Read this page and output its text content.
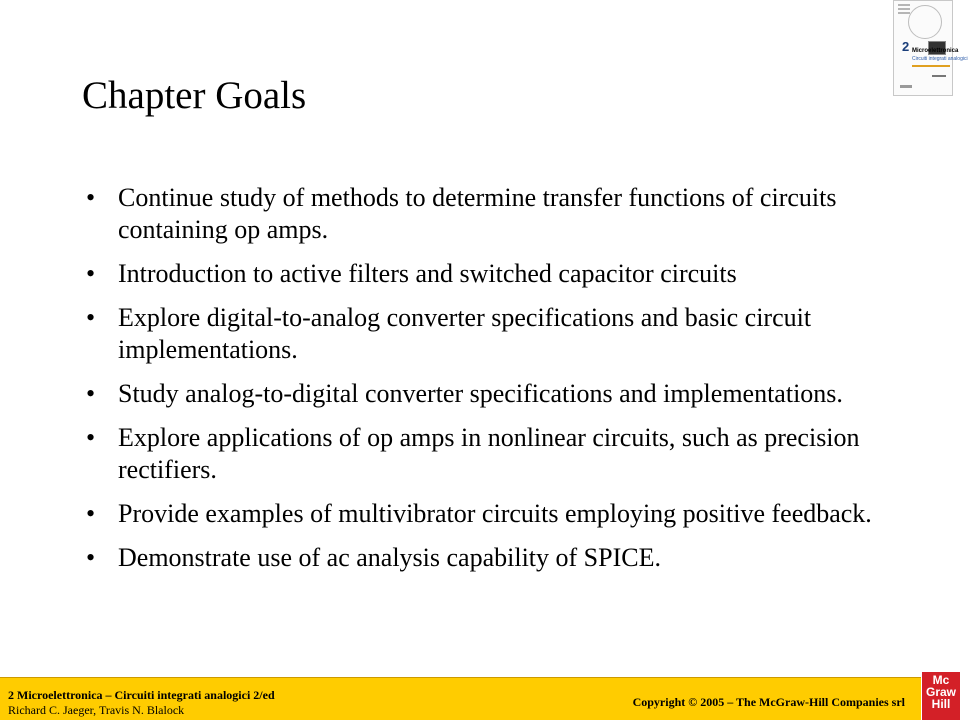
2 Microelettronica
Circuiti integrati analogici
Chapter Goals
• Continue study of methods to determine transfer functions of circuits containing op amps.
• Introduction to active filters and switched capacitor circuits
• Explore digital-to-analog converter specifications and basic circuit implementations.
• Study analog-to-digital converter specifications and implementations.
• Explore applications of op amps in nonlinear circuits, such as precision rectifiers.
• Provide examples of multivibrator circuits employing positive feedback.
• Demonstrate use of ac analysis capability of SPICE.
2 Microelettronica – Circuiti integrati analogici 2/ed
Richard C. Jaeger, Travis N. Blalock
Copyright © 2005 – The McGraw-Hill Companies srl
Mc
Graw
Hill
